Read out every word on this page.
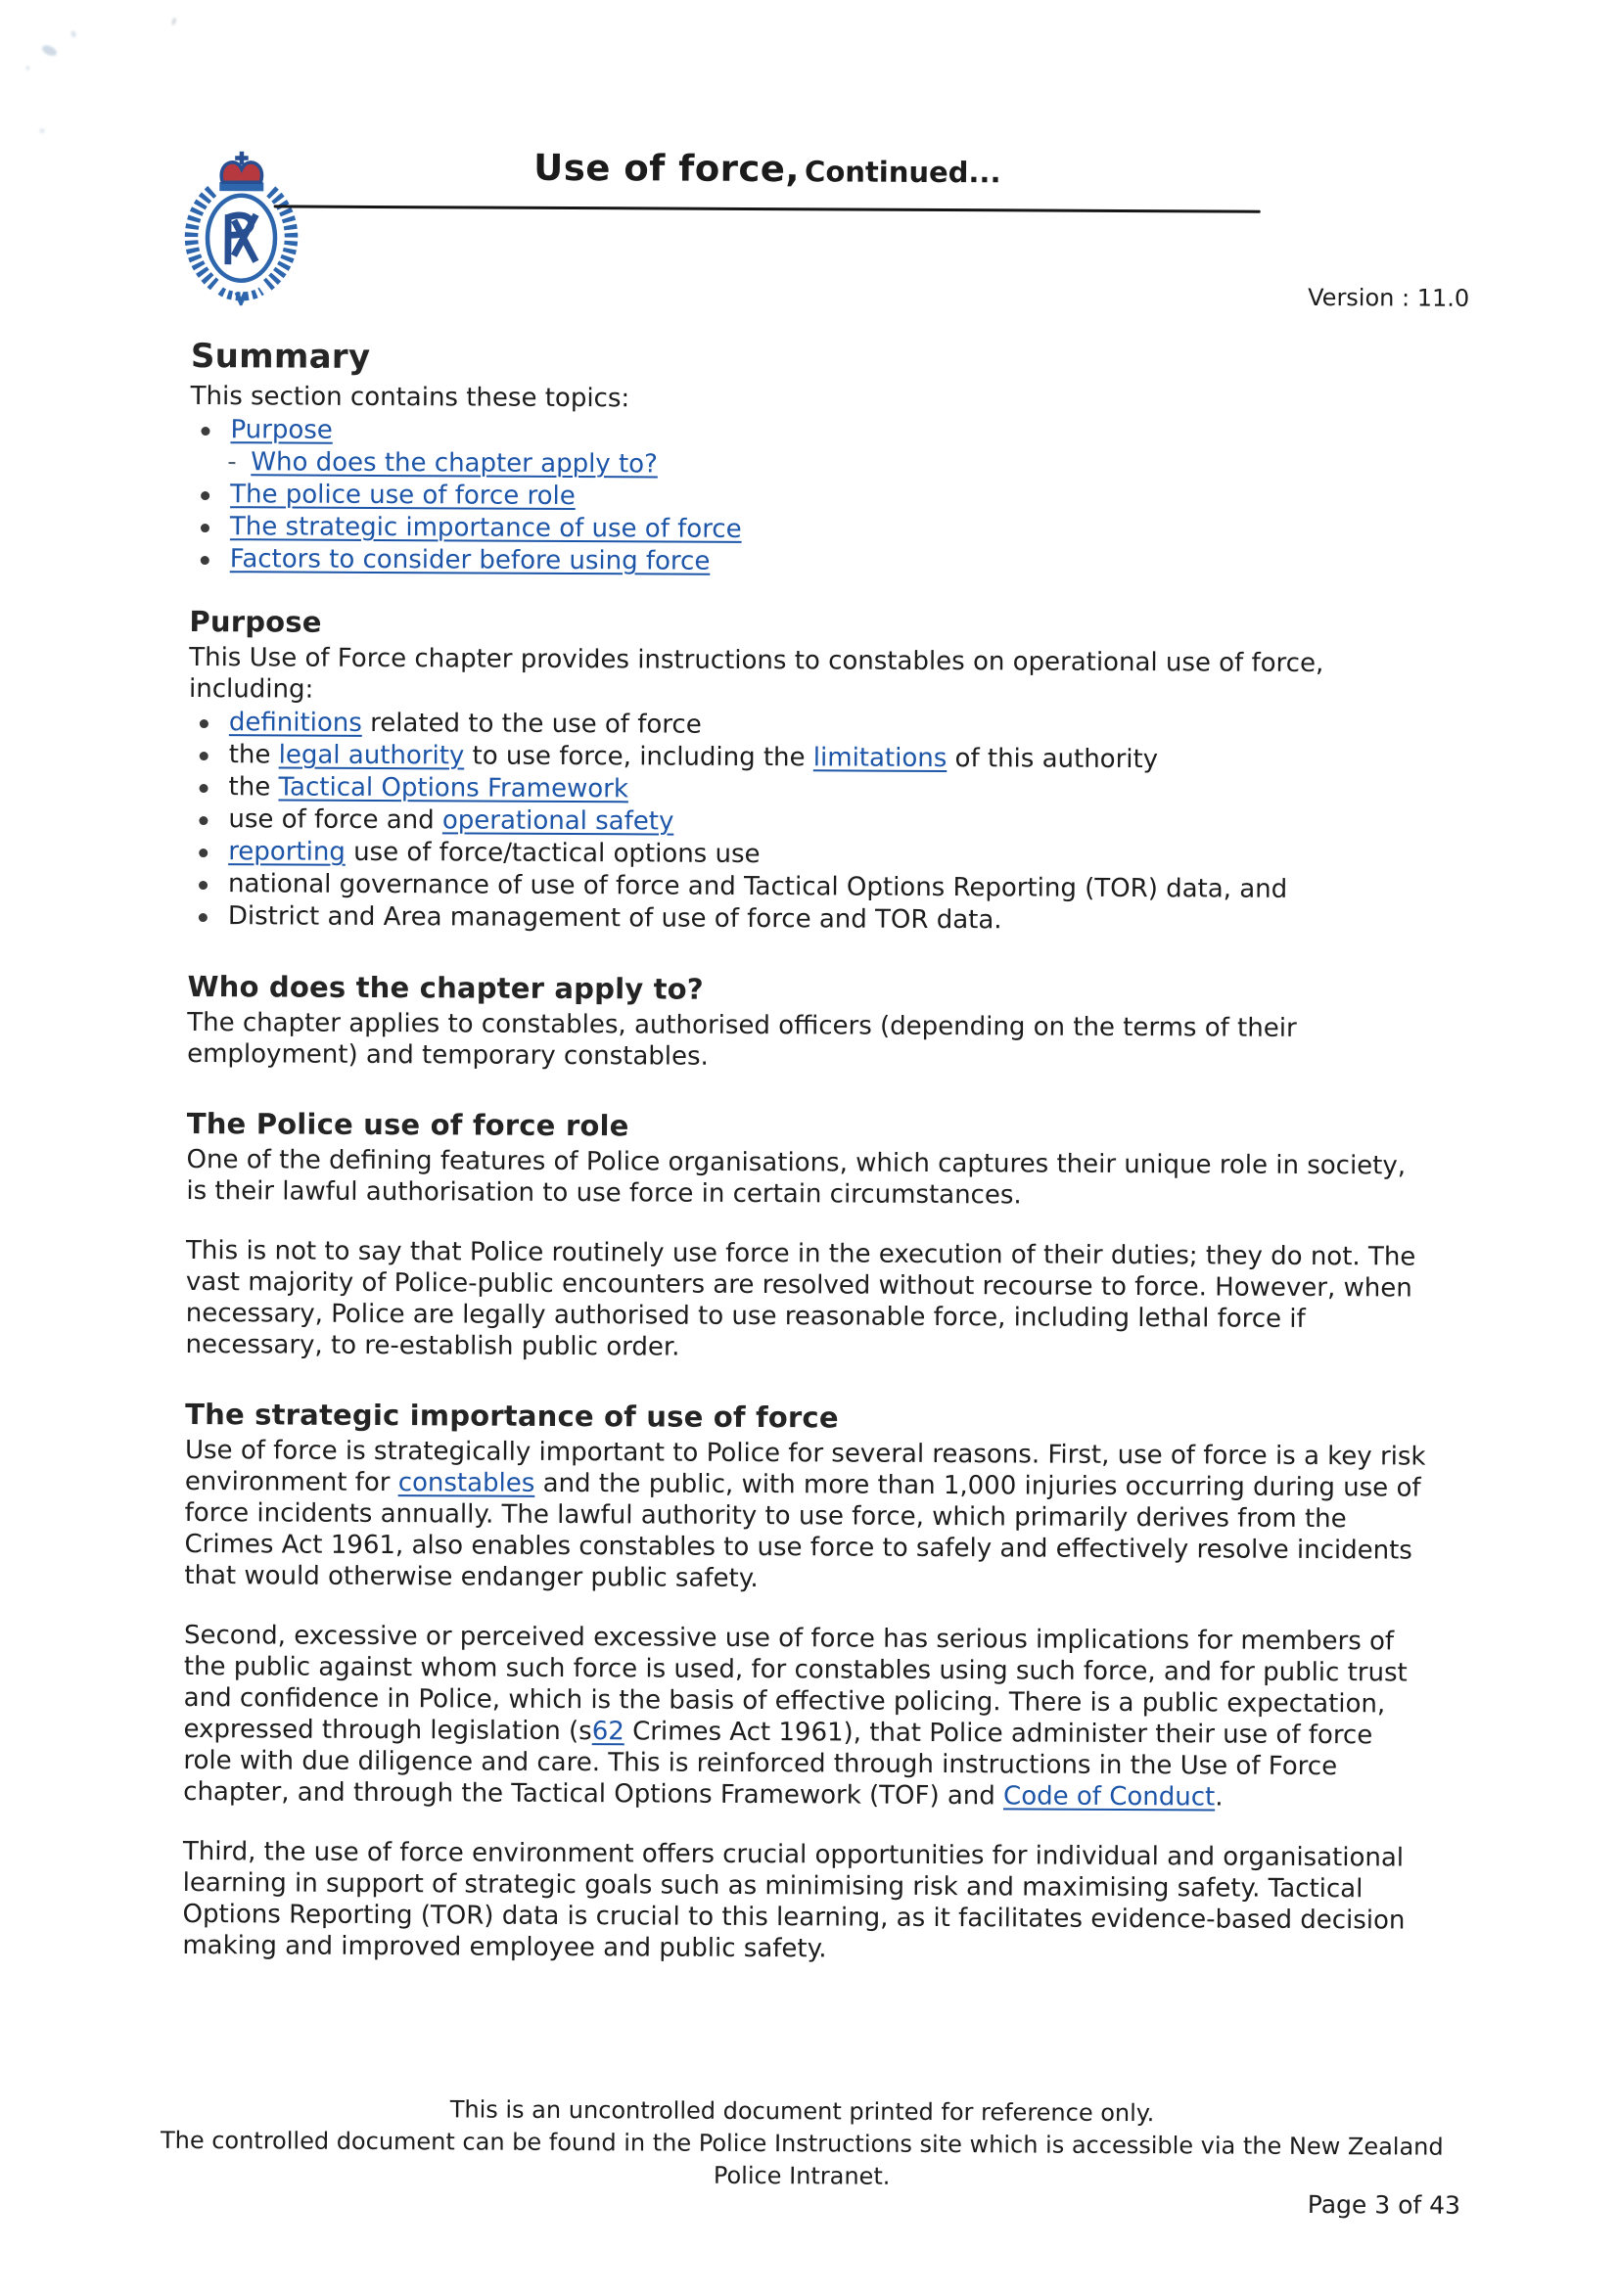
Use of force, Continued...
Version : 11.0
Summary

This section contains these topics:

Purpose
- Who does the chapter apply to?
The police use of force role
The strategic importance of use of force
Factors to consider before using force
Purpose

This Use of Force chapter provides instructions to constables on operational use of force, including:

definitions related to the use of force
the legal authority to use force, including the limitations of this authority
the Tactical Options Framework
use of force and operational safety
reporting use of force/tactical options use
national governance of use of force and Tactical Options Reporting (TOR) data, and
District and Area management of use of force and TOR data.
Who does the chapter apply to?

The chapter applies to constables, authorised officers (depending on the terms of their employment) and temporary constables.

The Police use of force role

One of the defining features of Police organisations, which captures their unique role in society, is their lawful authorisation to use force in certain circumstances.

This is not to say that Police routinely use force in the execution of their duties; they do not. The vast majority of Police-public encounters are resolved without recourse to force. However, when necessary, Police are legally authorised to use reasonable force, including lethal force if necessary, to re-establish public order.

The strategic importance of use of force

Use of force is strategically important to Police for several reasons. First, use of force is a key risk environment for constables and the public, with more than 1,000 injuries occurring during use of force incidents annually. The lawful authority to use force, which primarily derives from the Crimes Act 1961, also enables constables to use force to safely and effectively resolve incidents that would otherwise endanger public safety.

Second, excessive or perceived excessive use of force has serious implications for members of the public against whom such force is used, for constables using such force, and for public trust and confidence in Police, which is the basis of effective policing. There is a public expectation, expressed through legislation (s62 Crimes Act 1961), that Police administer their use of force role with due diligence and care. This is reinforced through instructions in the Use of Force chapter, and through the Tactical Options Framework (TOF) and Code of Conduct.

Third, the use of force environment offers crucial opportunities for individual and organisational learning in support of strategic goals such as minimising risk and maximising safety. Tactical Options Reporting (TOR) data is crucial to this learning, as it facilitates evidence-based decision making and improved employee and public safety.

This is an uncontrolled document printed for reference only.
The controlled document can be found in the Police Instructions site which is accessible via the New Zealand Police Intranet.
Page 3 of 43
